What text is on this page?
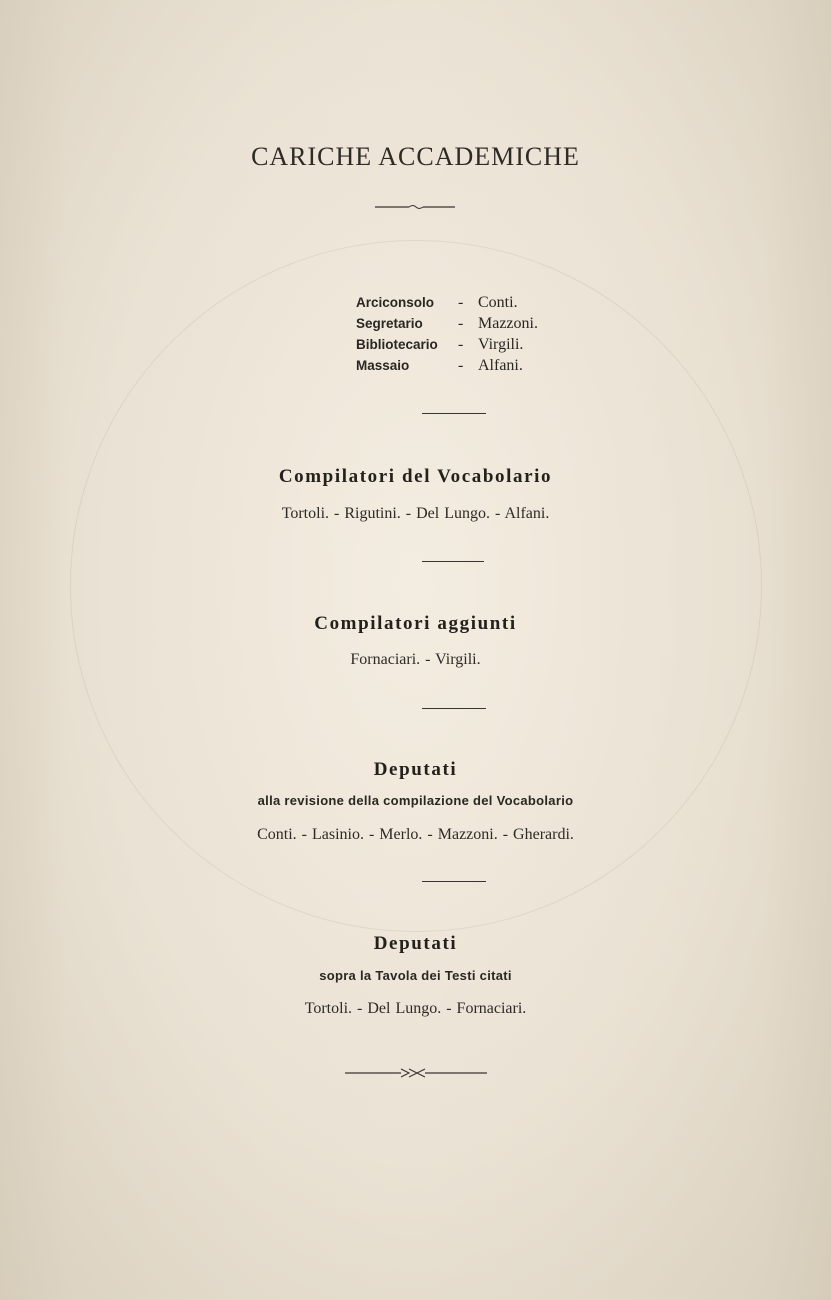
CARICHE ACCADEMICHE
Arciconsolo	-	Conti.
Segretario	-	Mazzoni.
Bibliotecario	-	Virgili.
Massaio	-	Alfani.
Compilatori del Vocabolario
Tortoli. - Rigutini. - Del Lungo. - Alfani.
Compilatori aggiunti
Fornaciari. - Virgili.
Deputati
alla revisione della compilazione del Vocabolario
Conti. - Lasinio. - Merlo. - Mazzoni. - Gherardi.
Deputati
sopra la Tavola dei Testi citati
Tortoli. - Del Lungo. - Fornaciari.
